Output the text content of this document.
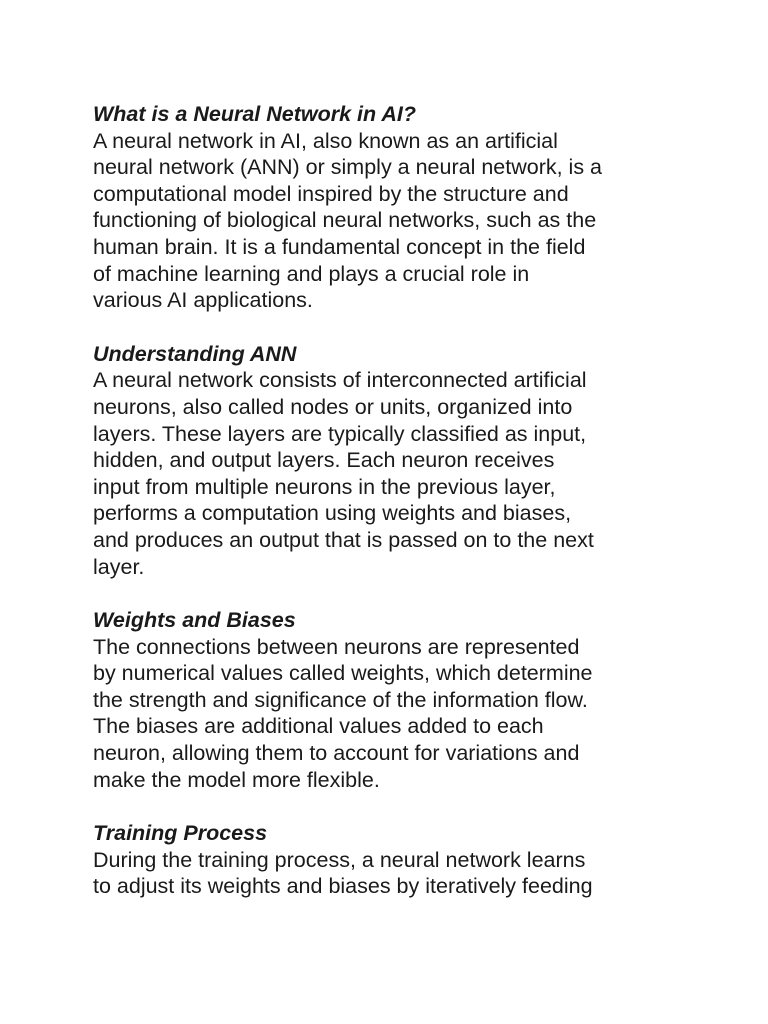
What is a Neural Network in AI?
A neural network in AI, also known as an artificial
neural network (ANN) or simply a neural network, is a
computational model inspired by the structure and
functioning of biological neural networks, such as the
human brain. It is a fundamental concept in the field
of machine learning and plays a crucial role in
various AI applications.
Understanding ANN
A neural network consists of interconnected artificial
neurons, also called nodes or units, organized into
layers. These layers are typically classified as input,
hidden, and output layers. Each neuron receives
input from multiple neurons in the previous layer,
performs a computation using weights and biases,
and produces an output that is passed on to the next
layer.
Weights and Biases
The connections between neurons are represented
by numerical values called weights, which determine
the strength and significance of the information flow.
The biases are additional values added to each
neuron, allowing them to account for variations and
make the model more flexible.
Training Process
During the training process, a neural network learns
to adjust its weights and biases by iteratively feeding
